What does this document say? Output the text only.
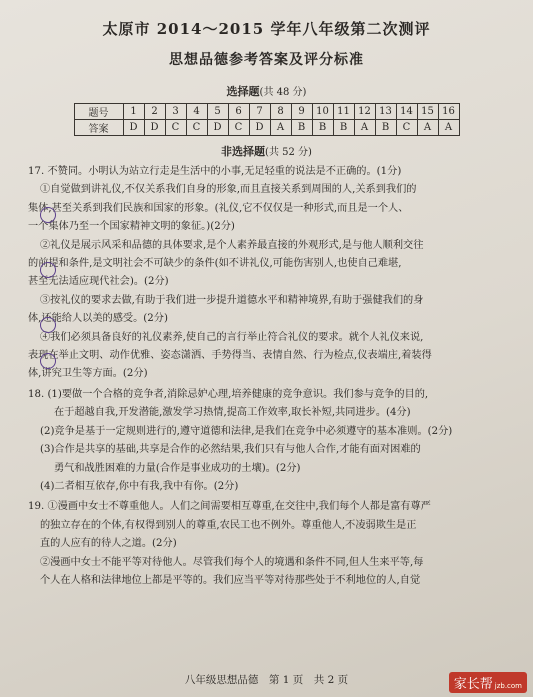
太原市 2014～2015 学年八年级第二次测评
思想品德参考答案及评分标准
选择题(共 48 分)
题号	1	2	3	4	5	6	7	8	9	10	11	12	13	14	15	16
答案	D	D	C	C	D	C	D	A	B	B	B	A	B	C	A	A
非选择题(共 52 分)
17. 不赞同。小明认为站立行走是生活中的小事,无足轻重的说法是不正确的。(1分)
①自觉做到讲礼仪,不仅关系我们自身的形象,而且直接关系到周围的人,关系到我们的
集体,甚至关系到我们民族和国家的形象。(礼仪,它不仅仅是一种形式,而且是一个人、
一个集体乃至一个国家精神文明的象征。)(2分)
②礼仪是展示风采和品德的具体要求,是个人素养最直接的外观形式,是与他人顺利交往
的前提和条件,是文明社会不可缺少的条件(如不讲礼仪,可能伤害别人,也使自己难堪,
甚至无法适应现代社会)。(2分)
③按礼仪的要求去做,有助于我们进一步提升道德水平和精神境界,有助于强健我们的身
体,还能给人以美的感受。(2分)
④我们必须具备良好的礼仪素养,使自己的言行举止符合礼仪的要求。就个人礼仪来说,
表现在举止文明、动作优雅、姿态潇洒、手势得当、表情自然、行为检点,仪表端庄,着装得
体,讲究卫生等方面。(2分)
18. (1)要做一个合格的竞争者,消除忌妒心理,培养健康的竞争意识。我们参与竞争的目的,
在于超越自我,开发潜能,激发学习热情,提高工作效率,取长补短,共同进步。(4分)
(2)竞争是基于一定规则进行的,遵守道德和法律,是我们在竞争中必须遵守的基本准则。(2分)
(3)合作是共享的基础,共享是合作的必然结果,我们只有与他人合作,才能有面对困难的
勇气和战胜困难的力量(合作是事业成功的土壤)。(2分)
(4)二者相互依存,你中有我,我中有你。(2分)
19. ①漫画中女士不尊重他人。人们之间需要相互尊重,在交往中,我们每个人都是富有尊严
的独立存在的个体,有权得到别人的尊重,农民工也不例外。尊重他人,不凌弱欺生是正
直的人应有的待人之道。(2分)
②漫画中女士不能平等对待他人。尽管我们每个人的境遇和条件不同,但人生来平等,每
个人在人格和法律地位上都是平等的。我们应当平等对待那些处于不利地位的人,自觉
八年级思想品德　第 1 页　共 2 页	家长帮 jzb.com
